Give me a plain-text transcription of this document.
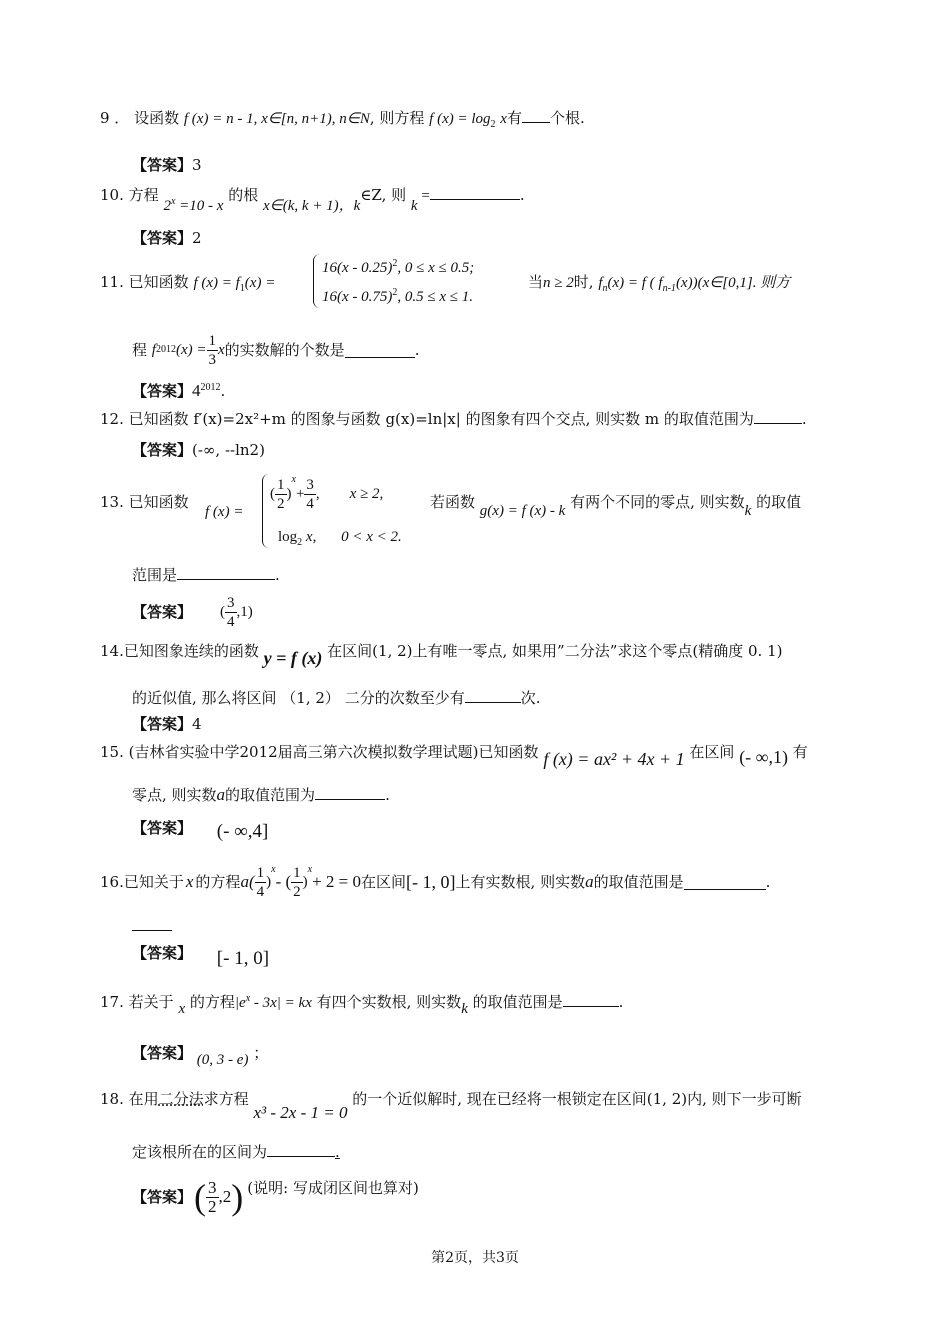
9 ． 设函数 f (x) = n - 1, x∈[n, n+1), n∈N, 则方程 f $(x) = \log_2 x$有 个根.
【答案】3
10. 方程 $2^x =10 - x$ 的根 x∈(k, k + 1)，k∈Z, 则 k =	.
【答案】2
11. 已知函数 f $(x) = f_1(x)$ =
16(x - 0.25)$^2$, 0 ≤ x ≤ 0.5;
16(x - 0.75)$^2$, 0.5 ≤ x ≤ 1.
当n ≥ 2时, $f_n(x) = f$ ( $f_{n-1}(x))(x\in[0,1]$. 则方
程
f 2012 $(x) = \frac{1}{3}$ x 的实数解的个数是	.
【答案】$4^{2012}$.
12. 已知函数 f′(x)=2x²+m 的图象与函数 g(x)=ln|x| 的图象有四个交点, 则实数 m 的取值范围为	.
【答案】(-∞, --ln2)
13. 已知函数
f (x) =
( $\frac{1}{2}$ )
x
+ $\frac{3}{4}$ , x ≥ 2,
$\log_2 x$, 0 < x < 2.
若函数 g(x) = f (x) - k 有两个不同的零点, 则实数k 的取值
范围是	.
【答案】 ( $\frac{3}{4} ,1$)
14.已知图象连续的函数 y = f (x) 在区间(1, 2)上有唯一零点, 如果用”二分法”求这个零点(精确度 0. 1)
的近似值, 那么将区间 （1, 2） 二分的次数至少有	次.
【答案】4
15. (吉林省实验中学2012届高三第六次模拟数学理试题)已知函数 f (x) = ax² + 4x + 1 在区间 (- ∞,1) 有
零点, 则实数a的取值范围为	.
【答案】 (- ∞,4]
16. 已知关于 x 的方程 $a( \frac{1}{4}$ )
x
- ( $\frac{1}{2}$ )
x
+ 2 = 0 在区间 [- 1, 0] 上有实数根, 则实数 a 的取值范围是	.
【答案】 [- 1, 0]
17. 若关于 x 的方程$|e^x - 3x|$ = kx 有四个实数根, 则实数k 的取值范围是	.
【答案】 (0, 3 - e) ；
18. 在用二分法求方程 x³ - 2x - 1 = 0 的一个近似解时, 现在已经将一根锁定在区间(1, 2)内, 则下一步可断
定该根所在的区间为	.
【答案】 ( $\frac{3}{2} ,2$ ) (说明: 写成闭区间也算对)
第2页，共3页
